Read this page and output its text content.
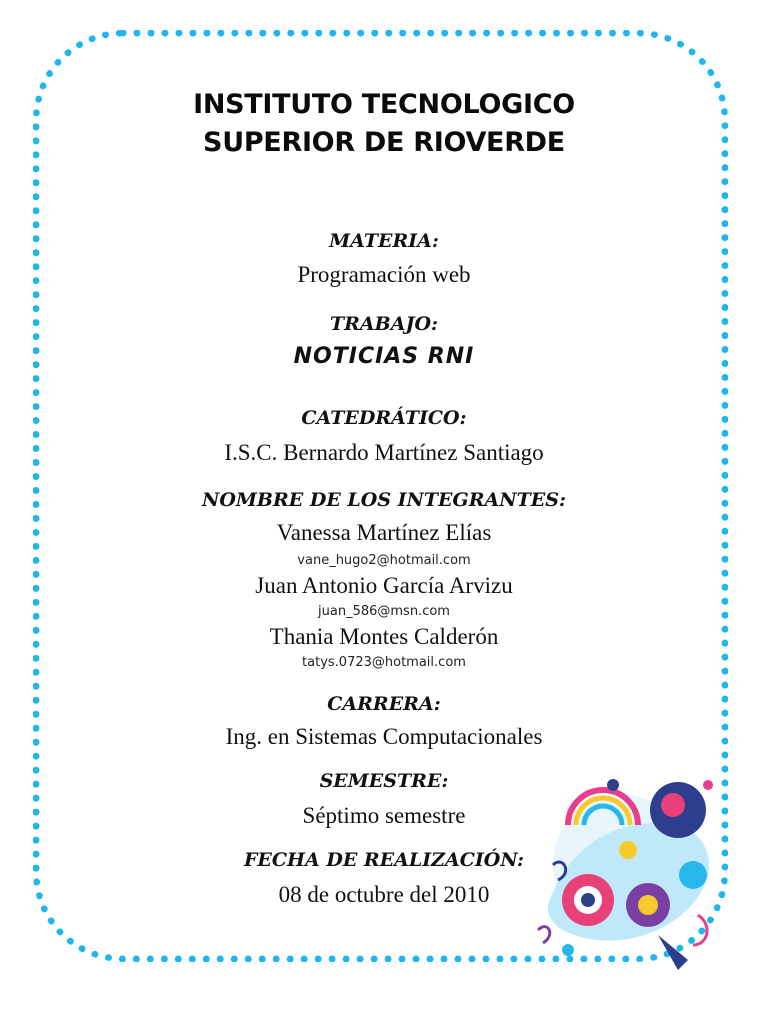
INSTITUTO TECNOLOGICO
SUPERIOR DE RIOVERDE
MATERIA:
Programación web
TRABAJO:
NOTICIAS RNI
CATEDRÁTICO:
I.S.C. Bernardo Martínez Santiago
NOMBRE DE LOS INTEGRANTES:
Vanessa Martínez Elías
vane_hugo2@hotmail.com
Juan Antonio García Arvizu
juan_586@msn.com
Thania Montes Calderón
tatys.0723@hotmail.com
CARRERA:
Ing. en Sistemas Computacionales
SEMESTRE:
Séptimo semestre
FECHA DE REALIZACIÓN:
08 de octubre del 2010
